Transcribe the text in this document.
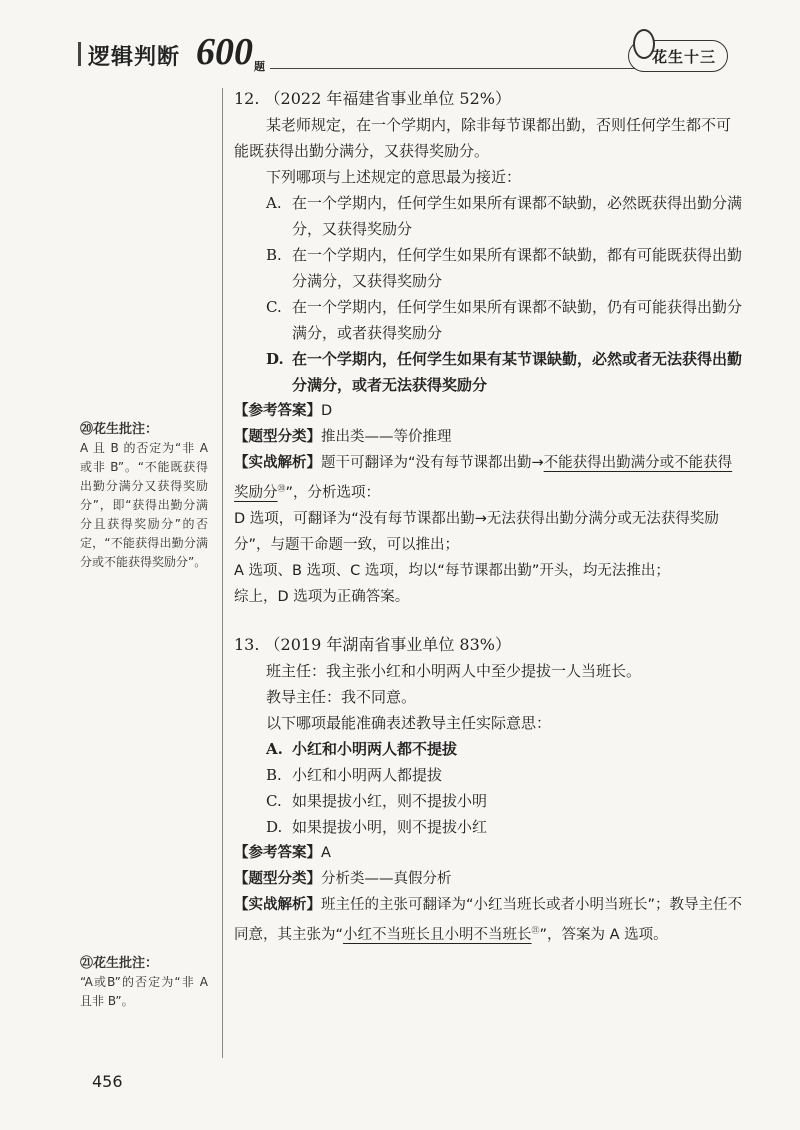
逻辑判断 600 题
花生十三

12. （2022 年福建省事业单位 52%）

某老师规定，在一个学期内，除非每节课都出勤，否则任何学生都不可能既获得出勤分满分，又获得奖励分。

下列哪项与上述规定的意思最为接近：

A. 在一个学期内，任何学生如果所有课都不缺勤，必然既获得出勤分满分，又获得奖励分

B. 在一个学期内，任何学生如果所有课都不缺勤，都有可能既获得出勤分满分，又获得奖励分

C. 在一个学期内，任何学生如果所有课都不缺勤，仍有可能获得出勤分满分，或者获得奖励分

D. 在一个学期内，任何学生如果有某节课缺勤，必然或者无法获得出勤分满分，或者无法获得奖励分

【参考答案】D

【题型分类】推出类——等价推理

【实战解析】题干可翻译为“没有每节课都出勤→不能获得出勤满分或不能获得奖励分⑳”，分析选项：

D 选项，可翻译为“没有每节课都出勤→无法获得出勤分满分或无法获得奖励分”，与题干命题一致，可以推出；

A 选项、B 选项、C 选项，均以“每节课都出勤”开头，均无法推出；

综上，D 选项为正确答案。

13. （2019 年湖南省事业单位 83%）

班主任：我主张小红和小明两人中至少提拔一人当班长。

教导主任：我不同意。

以下哪项最能准确表述教导主任实际意思：

A. 小红和小明两人都不提拔

B. 小红和小明两人都提拔

C. 如果提拔小红，则不提拔小明

D. 如果提拔小明，则不提拔小红

【参考答案】A

【题型分类】分析类——真假分析

【实战解析】班主任的主张可翻译为“小红当班长或者小明当班长”；教导主任不同意，其主张为“小红不当班长且小明不当班长$^㉑$”，答案为 A 选项。

⑳花生批注：
A 且 B 的否定为“非 A 或非 B”。“不能既获得出勤分满分又获得奖励分”，即“获得出勤分满分且获得奖励分”的否定，“不能获得出勤分满分或不能获得奖励分”。
㉑花生批注：
“A或B”的否定为“非 A 且非 B”。
456
